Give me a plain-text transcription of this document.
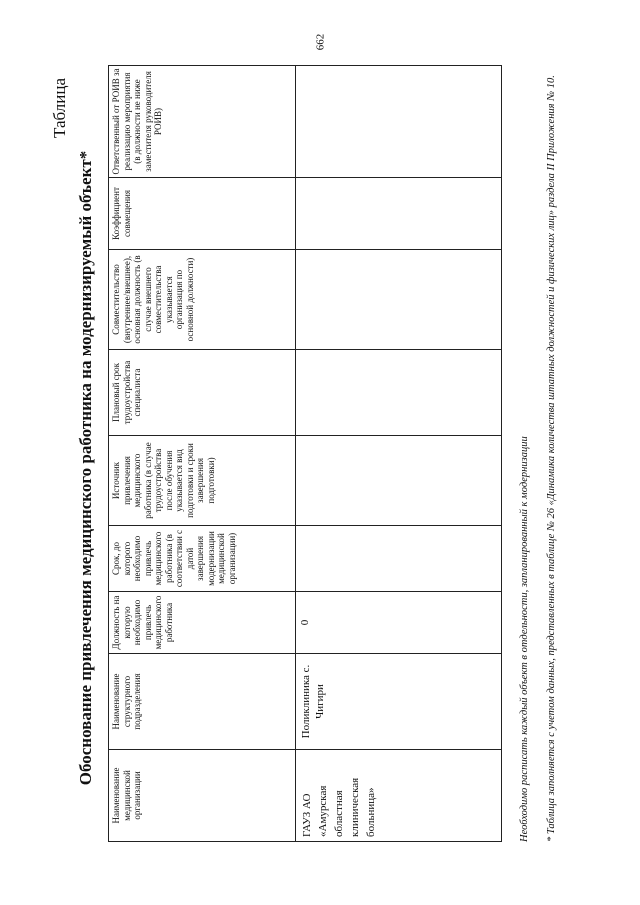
662
Таблица
Обоснование привлечения медицинского работника на модернизируемый объект*
Наименование медицинской организации	Наименование структурного подразделения	Должность на которую необходимо привлечь медицинского работника	Срок, до которого необходимо привлечь медицинского работника (в соответствии с датой завершения модернизации медицинской организации)	Источник привлечения медицинского работника (в случае трудоустройства после обучения указывается вид подготовки и сроки завершения подготовки)	Плановый срок трудоустройства специалиста	Совместительство (внутреннее/внешнее), основная должность (в случае внешнего совместительства указывается организация по основной должности)	Коэффициент совмещения	Ответственный от РОИВ за реализацию мероприятия (в должности не ниже заместителя руководителя РОИВ)
ГАУЗ АО «Амурская областная клиническая больница»	Поликлиника с. Чигири	0							Необходимо расписать каждый объект в отдельности, запланированный к модернизации * Таблица заполняется с учетом данных, представленных в таблице № 26 «Динамика количества штатных должностей и физических лиц» раздела II Приложения № 10.
